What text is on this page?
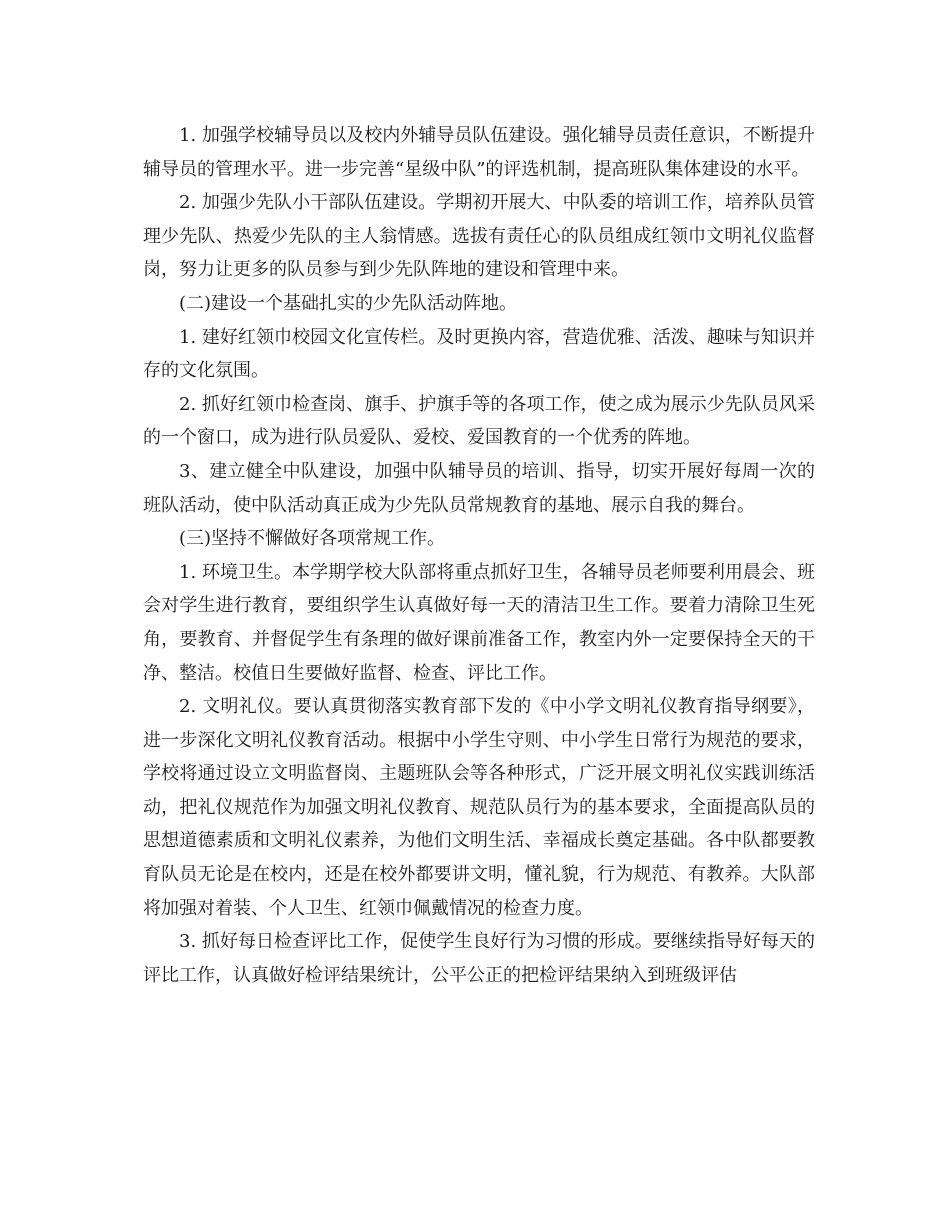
1. 加强学校辅导员以及校内外辅导员队伍建设。强化辅导员责任意识，不断提升辅导员的管理水平。进一步完善“星级中队”的评选机制，提高班队集体建设的水平。

2. 加强少先队小干部队伍建设。学期初开展大、中队委的培训工作，培养队员管理少先队、热爱少先队的主人翁情感。选拔有责任心的队员组成红领巾文明礼仪监督岗，努力让更多的队员参与到少先队阵地的建设和管理中来。

(二)建设一个基础扎实的少先队活动阵地。

1. 建好红领巾校园文化宣传栏。及时更换内容，营造优雅、活泼、趣味与知识并存的文化氛围。

2. 抓好红领巾检查岗、旗手、护旗手等的各项工作，使之成为展示少先队员风采的一个窗口，成为进行队员爱队、爱校、爱国教育的一个优秀的阵地。

3、建立健全中队建设，加强中队辅导员的培训、指导，切实开展好每周一次的班队活动，使中队活动真正成为少先队员常规教育的基地、展示自我的舞台。

(三)坚持不懈做好各项常规工作。

1. 环境卫生。本学期学校大队部将重点抓好卫生，各辅导员老师要利用晨会、班会对学生进行教育，要组织学生认真做好每一天的清洁卫生工作。要着力清除卫生死角，要教育、并督促学生有条理的做好课前准备工作，教室内外一定要保持全天的干净、整洁。校值日生要做好监督、检查、评比工作。

2. 文明礼仪。要认真贯彻落实教育部下发的《中小学文明礼仪教育指导纲要》，进一步深化文明礼仪教育活动。根据中小学生守则、中小学生日常行为规范的要求，学校将通过设立文明监督岗、主题班队会等各种形式，广泛开展文明礼仪实践训练活动，把礼仪规范作为加强文明礼仪教育、规范队员行为的基本要求，全面提高队员的思想道德素质和文明礼仪素养，为他们文明生活、幸福成长奠定基础。各中队都要教育队员无论是在校内，还是在校外都要讲文明，懂礼貌，行为规范、有教养。大队部将加强对着装、个人卫生、红领巾佩戴情况的检查力度。

3. 抓好每日检查评比工作，促使学生良好行为习惯的形成。要继续指导好每天的评比工作，认真做好检评结果统计，公平公正的把检评结果纳入到班级评估
